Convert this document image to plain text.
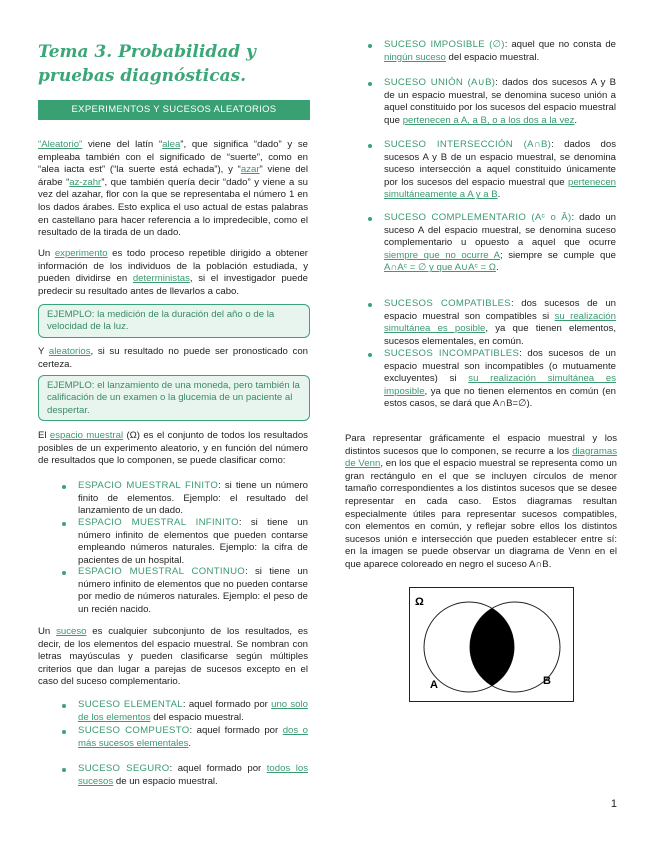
Tema 3. Probabilidad y pruebas diagnósticas.
EXPERIMENTOS Y SUCESOS ALEATORIOS
“Aleatorio” viene del latín “alea”, que significa “dado” y se empleaba también con el significado de “suerte”, como en “alea iacta est” (“la suerte está echada”), y “azar” viene del árabe “az-zahr”, que también quería decir “dado” y viene a su vez del azahar, flor con la que se representaba el número 1 en los dados árabes. Esto explica el uso actual de estas palabras en castellano para hacer referencia a lo impredecible, como el resultado de la tirada de un dado.
Un experimento es todo proceso repetible dirigido a obtener información de los individuos de la población estudiada, y pueden dividirse en deterministas, si el investigador puede predecir su resultado antes de llevarlos a cabo.
EJEMPLO: la medición de la duración del año o de la velocidad de la luz.
Y aleatorios, si su resultado no puede ser pronosticado con certeza.
EJEMPLO: el lanzamiento de una moneda, pero también la calificación de un examen o la glucemia de un paciente al despertar.
El espacio muestral (Ω) es el conjunto de todos los resultados posibles de un experimento aleatorio, y en función del número de resultados que lo componen, se puede clasificar como:
ESPACIO MUESTRAL FINITO: si tiene un número finito de elementos. Ejemplo: el resultado del lanzamiento de un dado.
ESPACIO MUESTRAL INFINITO: si tiene un número infinito de elementos que pueden contarse empleando números naturales. Ejemplo: la cifra de pacientes de un hospital.
ESPACIO MUESTRAL CONTINUO: si tiene un número infinito de elementos que no pueden contarse por medio de números naturales. Ejemplo: el peso de un recién nacido.
Un suceso es cualquier subconjunto de los resultados, es decir, de los elementos del espacio muestral. Se nombran con letras mayúsculas y pueden clasificarse según múltiples criterios que dan lugar a parejas de sucesos excepto en el caso del suceso complementario.
SUCESO ELEMENTAL: aquel formado por uno solo de los elementos del espacio muestral.
SUCESO COMPUESTO: aquel formado por dos o más sucesos elementales.
SUCESO SEGURO: aquel formado por todos los sucesos de un espacio muestral.
SUCESO IMPOSIBLE (∅): aquel que no consta de ningún suceso del espacio muestral.
SUCESO UNIÓN (A∪B): dados dos sucesos A y B de un espacio muestral, se denomina suceso unión a aquel constituido por los sucesos del espacio muestral que pertenecen a A, a B, o a los dos a la vez.
SUCESO INTERSECCIÓN (A∩B): dados dos sucesos A y B de un espacio muestral, se denomina suceso intersección a aquel constituido únicamente por los sucesos del espacio muestral que pertenecen simultáneamente a A y a B.
SUCESO COMPLEMENTARIO (Aᶜ o Â): dado un suceso A del espacio muestral, se denomina suceso complementario u opuesto a aquel que ocurre siempre que no ocurre A; siempre se cumple que A∩Aᶜ = ∅ y que A∪Aᶜ = Ω.
SUCESOS COMPATIBLES: dos sucesos de un espacio muestral son compatibles si su realización simultánea es posible, ya que tienen elementos, sucesos elementales, en común.
SUCESOS INCOMPATIBLES: dos sucesos de un espacio muestral son incompatibles (o mutuamente excluyentes) si su realización simultánea es imposible, ya que no tienen elementos en común (en estos casos, se dará que A∩B=∅).
Para representar gráficamente el espacio muestral y los distintos sucesos que lo componen, se recurre a los diagramas de Venn, en los que el espacio muestral se representa como un gran rectángulo en el que se incluyen círculos de menor tamaño correspondientes a los distintos sucesos que se desee representar en cada caso. Estos diagramas resultan especialmente útiles para representar sucesos compatibles, con elementos en común, y reflejar sobre ellos los distintos sucesos unión e intersección que pueden establecer entre sí: en la imagen se puede observar un diagrama de Venn en el que aparece coloreado en negro el suceso A∩B.
Ω
A	B
1
